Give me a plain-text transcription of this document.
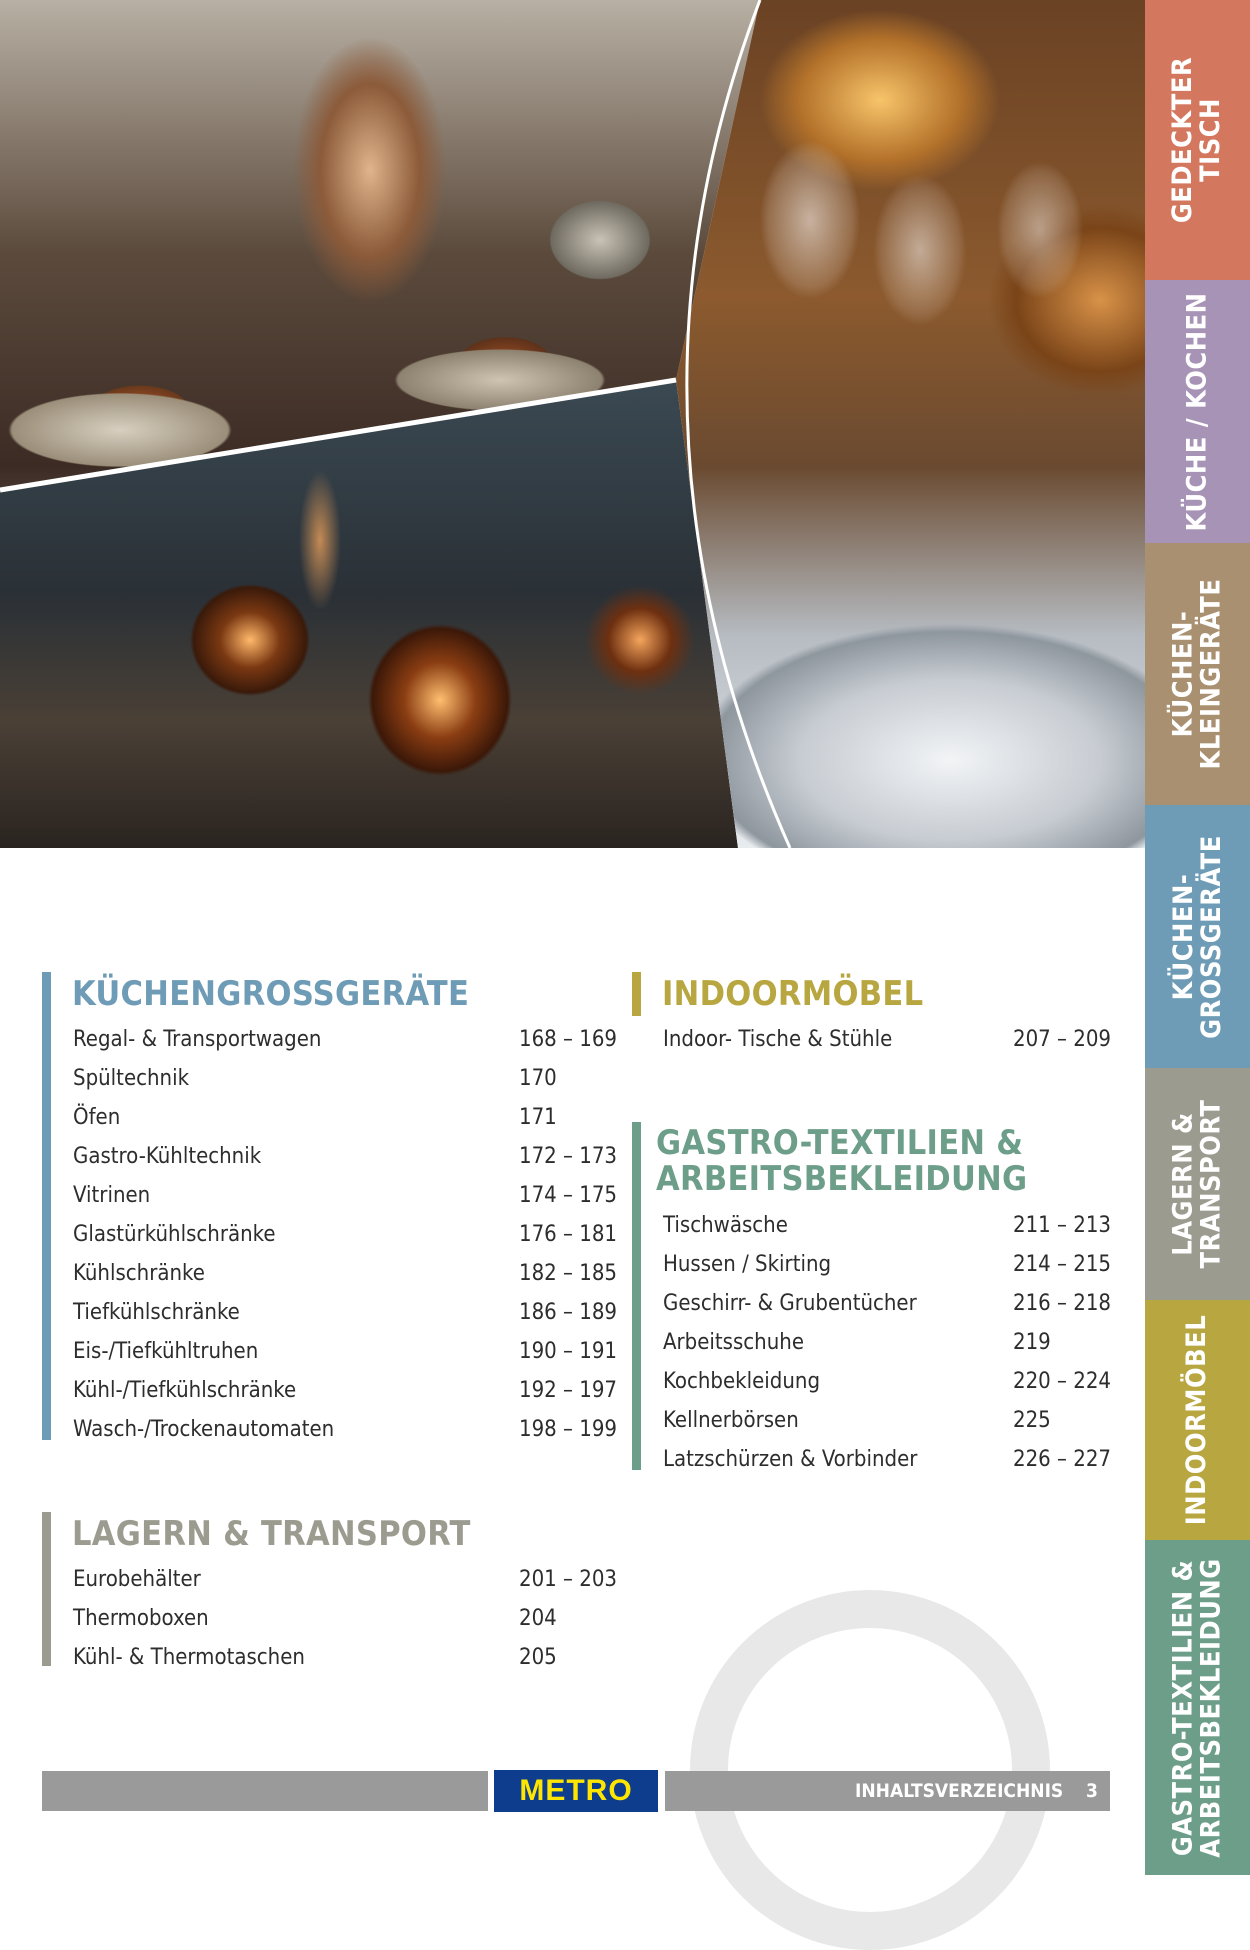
GEDECKTER
TISCH
KÜCHE / KOCHEN
KÜCHEN-
KLEINGERÄTE
KÜCHEN-
GROSSGERÄTE
LAGERN &
TRANSPORT
INDOORMÖBEL
GASTRO-TEXTILIEN &
ARBEITSBEKLEIDUNG
KÜCHENGROSSGERÄTE
Regal- & Transportwagen	168 – 169
Spültechnik	170
Öfen	171
Gastro-Kühltechnik	172 – 173
Vitrinen	174 – 175
Glastürkühlschränke	176 – 181
Kühlschränke	182 – 185
Tiefkühlschränke	186 – 189
Eis-/Tiefkühltruhen	190 – 191
Kühl-/Tiefkühlschränke	192 – 197
Wasch-/Trockenautomaten	198 – 199
LAGERN & TRANSPORT
Eurobehälter	201 – 203
Thermoboxen	204
Kühl- & Thermotaschen	205
INDOORMÖBEL
Indoor- Tische & Stühle	207 – 209
GASTRO-TEXTILIEN &
ARBEITSBEKLEIDUNG
Tischwäsche	211 – 213
Hussen / Skirting	214 – 215
Geschirr- & Grubentücher	216 – 218
Arbeitsschuhe	219
Kochbekleidung	220 – 224
Kellnerbörsen	225
Latzschürzen & Vorbinder	226 – 227
METRO	INHALTSVERZEICHNIS 3
